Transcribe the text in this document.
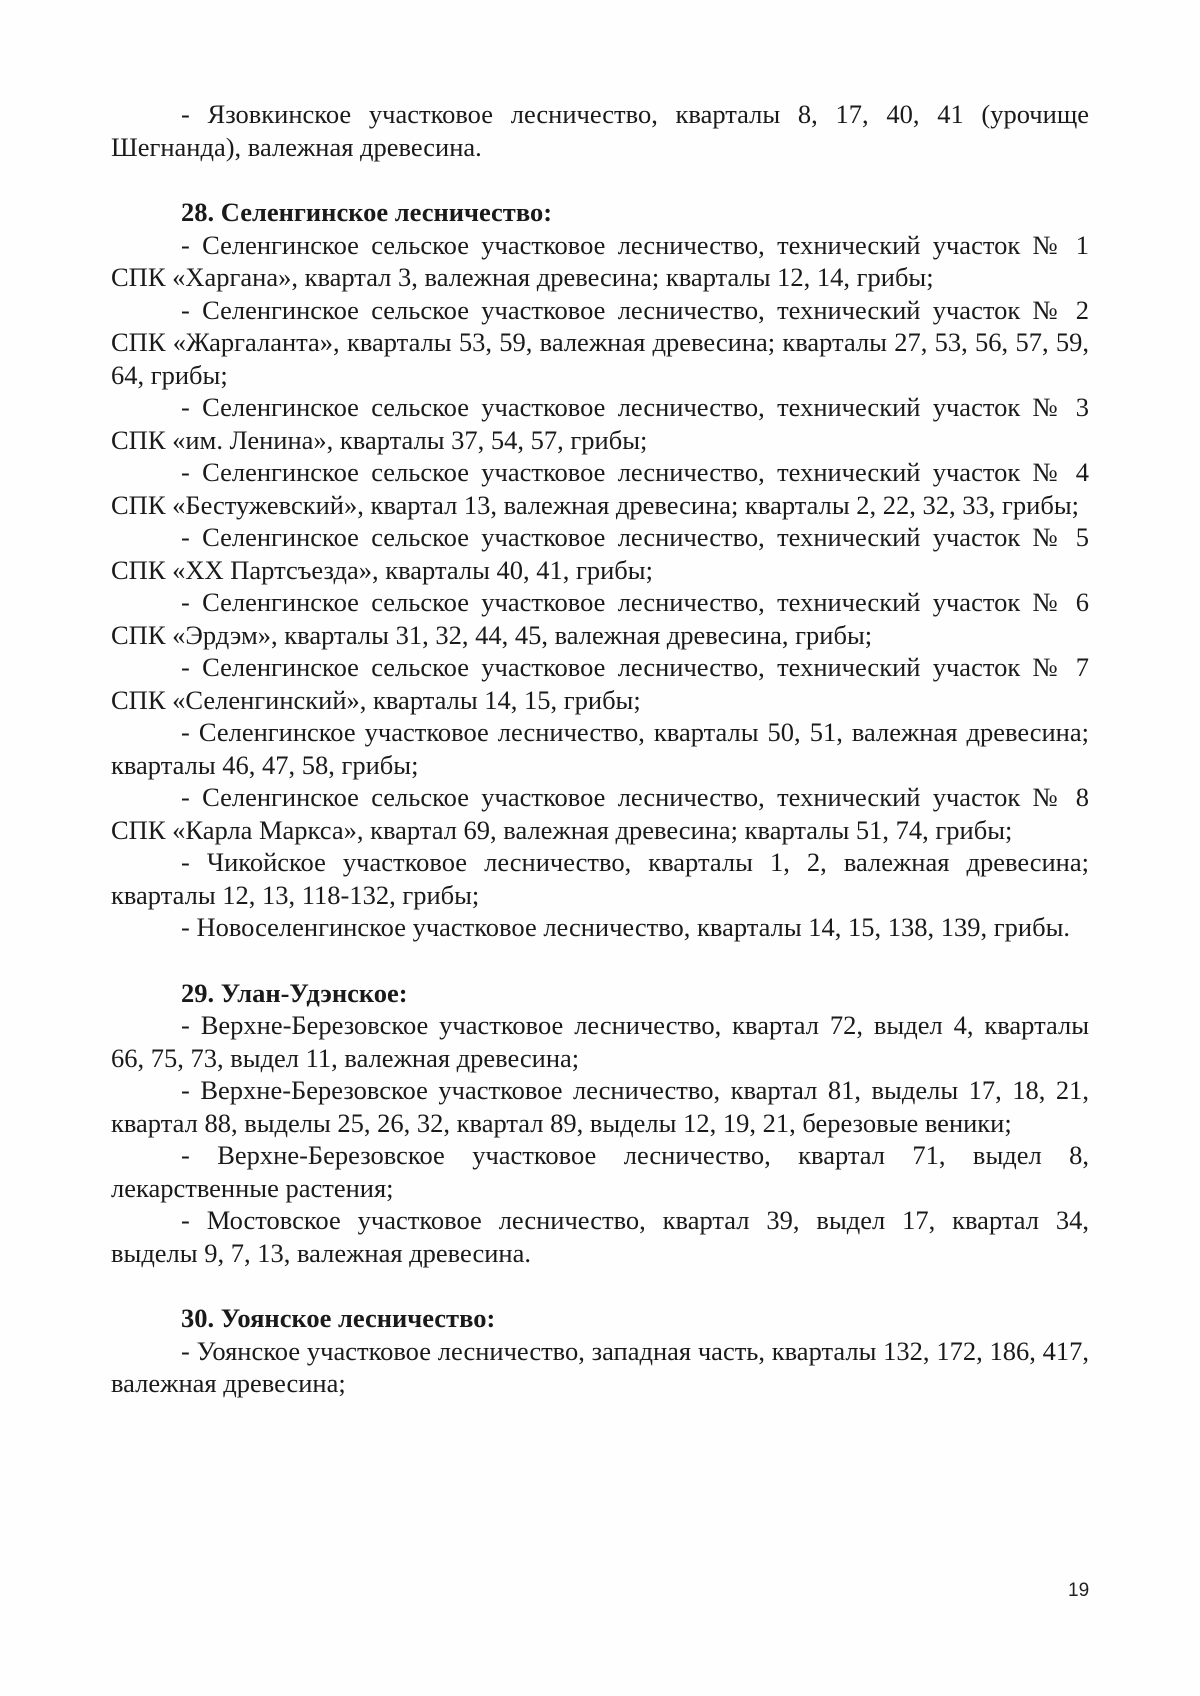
- Язовкинское участковое лесничество, кварталы 8, 17, 40, 41 (урочище Шегнанда), валежная древесина.

28. Селенгинское лесничество:

- Селенгинское сельское участковое лесничество, технический участок № 1 СПК «Харгана», квартал 3, валежная древесина; кварталы 12, 14, грибы;

- Селенгинское сельское участковое лесничество, технический участок № 2 СПК «Жаргаланта», кварталы 53, 59, валежная древесина; кварталы 27, 53, 56, 57, 59, 64, грибы;

- Селенгинское сельское участковое лесничество, технический участок № 3 СПК «им. Ленина», кварталы 37, 54, 57, грибы;

- Селенгинское сельское участковое лесничество, технический участок № 4 СПК «Бестужевский», квартал 13, валежная древесина; кварталы 2, 22, 32, 33, грибы;

- Селенгинское сельское участковое лесничество, технический участок № 5 СПК «XX Партсъезда», кварталы 40, 41, грибы;

- Селенгинское сельское участковое лесничество, технический участок № 6 СПК «Эрдэм», кварталы 31, 32, 44, 45, валежная древесина, грибы;

- Селенгинское сельское участковое лесничество, технический участок № 7 СПК «Селенгинский», кварталы 14, 15, грибы;

- Селенгинское участковое лесничество, кварталы 50, 51, валежная древесина; кварталы 46, 47, 58, грибы;

- Селенгинское сельское участковое лесничество, технический участок № 8 СПК «Карла Маркса», квартал 69, валежная древесина; кварталы 51, 74, грибы;

- Чикойское участковое лесничество, кварталы 1, 2, валежная древесина; кварталы 12, 13, 118-132, грибы;

- Новоселенгинское участковое лесничество, кварталы 14, 15, 138, 139, грибы.

29. Улан-Удэнское:

- Верхне-Березовское участковое лесничество, квартал 72, выдел 4, кварталы 66, 75, 73, выдел 11, валежная древесина;

- Верхне-Березовское участковое лесничество, квартал 81, выделы 17, 18, 21, квартал 88, выделы 25, 26, 32, квартал 89, выделы 12, 19, 21, березовые веники;

- Верхне-Березовское участковое лесничество, квартал 71, выдел 8, лекарственные растения;

- Мостовское участковое лесничество, квартал 39, выдел 17, квартал 34, выделы 9, 7, 13, валежная древесина.

30. Уоянское лесничество:

- Уоянское участковое лесничество, западная часть, кварталы 132, 172, 186, 417, валежная древесина;

19
